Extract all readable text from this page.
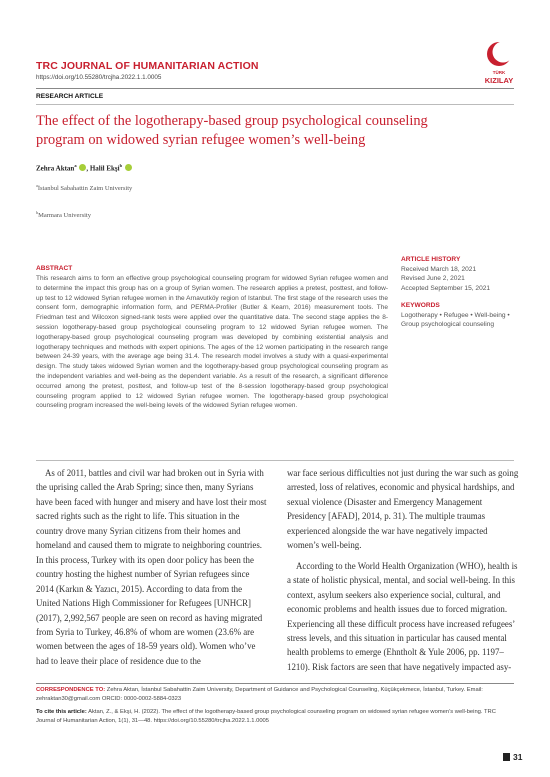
TRC JOURNAL OF HUMANITARIAN ACTION
https://doi.org/10.55280/trcjha.2022.1.1.0005
TÜRK
KIZILAY
RESEARCH ARTICLE
The effect of the logotherapy-based group psychological counseling
program on widowed syrian refugee women’s well-being
Zehra Aktan$^a$ , Halil Ekşi$^b$
$^a$İstanbul Sabahattin Zaim University
$^b$Marmara University
ABSTRACT
This research aims to form an effective group psychological counseling program for widowed Syrian refugee women and to determine the impact this group has on a group of Syrian women. The research applies a pretest, posttest, and follow-up test to 12 widowed Syrian refugee women in the Arnavutköy region of Istanbul. The first stage of the research uses the consent form, demographic information form, and PERMA-Profiler (Butler & Kearn, 2016) measurement tools. The Friedman test and Wilcoxon signed-rank tests were applied over the quantitative data. The second stage applies the 8-session logotherapy-based group psychological counseling program to 12 widowed Syrian refugee women. The logotherapy-based group psychological counseling program was developed by combining existential analysis and logotherapy techniques and methods with expert opinions. The ages of the 12 women participating in the research range between 24-39 years, with the average age being 31.4. The research model involves a study with a quasi-experimental design. The study takes widowed Syrian women and the logotherapy-based group psychological counseling program as the independent variables and well-being as the dependent variable. As a result of the research, a significant difference occurred among the pretest, posttest, and follow-up test of the 8-session logotherapy-based group psychological counseling program applied to 12 widowed Syrian refugee women. The logotherapy-based group psychological counseling program increased the well-being levels of the widowed Syrian refugee women.
ARTICLE HISTORY
Received March 18, 2021
Revised June 2, 2021
Accepted September 15, 2021
KEYWORDS
Logotherapy • Refugee • Well-being • Group psychological counseling

As of 2011, battles and civil war had broken out in Syria with the uprising called the Arab Spring; since then, many Syrians have been faced with hunger and misery and have lost their most sacred rights such as the right to life. This situation in the country drove many Syrian citizens from their homes and homeland and caused them to migrate to neighboring countries. In this process, Turkey with its open door policy has been the country hosting the highest number of Syrian refugees since 2014 (Karkın & Yazıcı, 2015). According to data from the United Nations High Commissioner for Refugees [UNHCR] (2017), 2,992,567 people are seen on record as having migrated from Syria to Turkey, 46.8% of whom are women (23.6% are women between the ages of 18-59 years old). Women who’ve had to leave their place of residence due to the

war face serious difficulties not just during the war such as going arrested, loss of relatives, economic and physical hardships, and sexual violence (Disaster and Emergency Management Presidency [AFAD], 2014, p. 31). The multiple traumas experienced alongside the war have negatively impacted women’s well-being.

According to the World Health Organization (WHO), health is a state of holistic physical, mental, and social well-being. In this context, asylum seekers also experience social, cultural, and economic problems and health issues due to forced migration. Experiencing all these difficult process have increased refugees’ stress levels, and this situation in particular has caused mental health problems to emerge (Ehntholt & Yule 2006, pp. 1197–1210). Risk factors are seen that have negatively impacted asy-

CORRESPONDENCE TO: Zehra Aktan, İstanbul Sabahattin Zaim University, Department of Guidance and Psychological Counseling, Küçükçekmece, İstanbul, Turkey. Email: zehraktan30@gmail.com ORCID: 0000-0002-5884-0323
To cite this article: Aktan, Z., & Ekşi, H. (2022). The effect of the logotherapy-based group psychological counseling program on widowed syrian refugee women’s well-being. TRC Journal of Humanitarian Action, 1(1), 31—48. https://doi.org/10.55280/trcjha.2022.1.1.0005
31
